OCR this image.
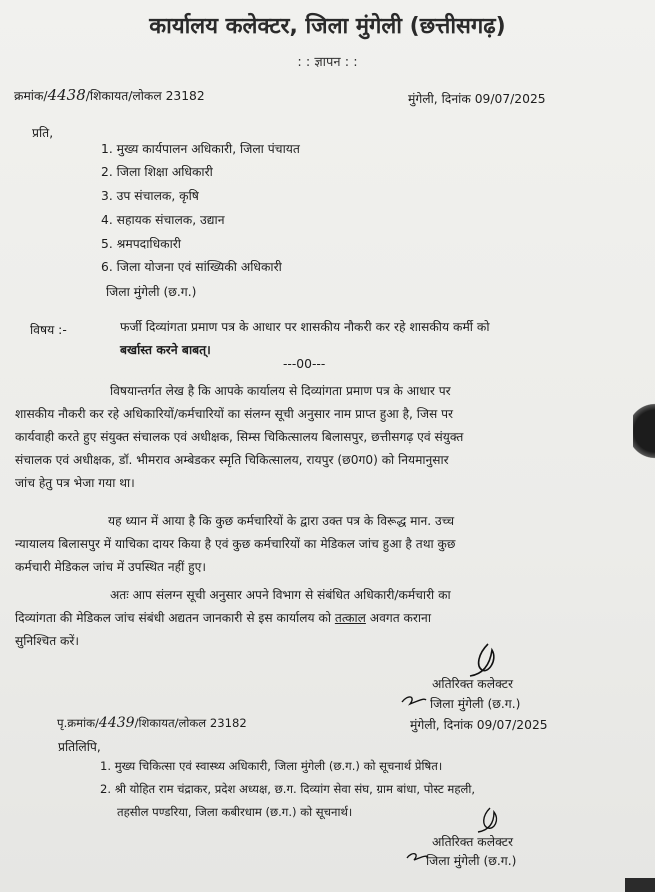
कार्यालय कलेक्टर, जिला मुंगेली (छत्तीसगढ़)
: : ज्ञापन : :
क्रमांक/4438/शिकायत/लोकल 23182	मुंगेली, दिनांक 09/07/2025
प्रति,
1. मुख्य कार्यपालन अधिकारी, जिला पंचायत
2. जिला शिक्षा अधिकारी
3. उप संचालक, कृषि
4. सहायक संचालक, उद्यान
5. श्रमपदाधिकारी
6. जिला योजना एवं सांख्यिकी अधिकारी
जिला मुंगेली (छ.ग.)
विषय :-	फर्जी दिव्यांगता प्रमाण पत्र के आधार पर शासकीय नौकरी कर रहे शासकीय कर्मी को
बर्खास्त करने बाबत्।
---00---
विषयान्तर्गत लेख है कि आपके कार्यालय से दिव्यांगता प्रमाण पत्र के आधार पर
शासकीय नौकरी कर रहे अधिकारियों/कर्मचारियों का संलग्न सूची अनुसार नाम प्राप्त हुआ है, जिस पर
कार्यवाही करते हुए संयुक्त संचालक एवं अधीक्षक, सिम्स चिकित्सालय बिलासपुर, छत्तीसगढ़ एवं संयुक्त
संचालक एवं अधीक्षक, डॉ. भीमराव अम्बेडकर स्मृति चिकित्सालय, रायपुर (छ0ग0) को नियमानुसार
जांच हेतु पत्र भेजा गया था।
यह ध्यान में आया है कि कुछ कर्मचारियों के द्वारा उक्त पत्र के विरूद्ध मान. उच्च
न्यायालय बिलासपुर में याचिका दायर किया है एवं कुछ कर्मचारियों का मेडिकल जांच हुआ है तथा कुछ
कर्मचारी मेडिकल जांच में उपस्थित नहीं हुए।
अतः आप संलग्न सूची अनुसार अपने विभाग से संबंधित अधिकारी/कर्मचारी का
दिव्यांगता की मेडिकल जांच संबंधी अद्यतन जानकारी से इस कार्यालय को तत्काल अवगत कराना
सुनिश्चित करें।
अतिरिक्त कलेक्टर
जिला मुंगेली (छ.ग.)
पृ.क्रमांक/4439/शिकायत/लोकल 23182	मुंगेली, दिनांक 09/07/2025
प्रतिलिपि,
1. मुख्य चिकित्सा एवं स्वास्थ्य अधिकारी, जिला मुंगेली (छ.ग.) को सूचनार्थ प्रेषित।
2. श्री योहित राम चंद्राकर, प्रदेश अध्यक्ष, छ.ग. दिव्यांग सेवा संघ, ग्राम बांधा, पोस्ट महली,
तहसील पण्डरिया, जिला कबीरधाम (छ.ग.) को सूचनार्थ।
अतिरिक्त कलेक्टर
जिला मुंगेली (छ.ग.)
